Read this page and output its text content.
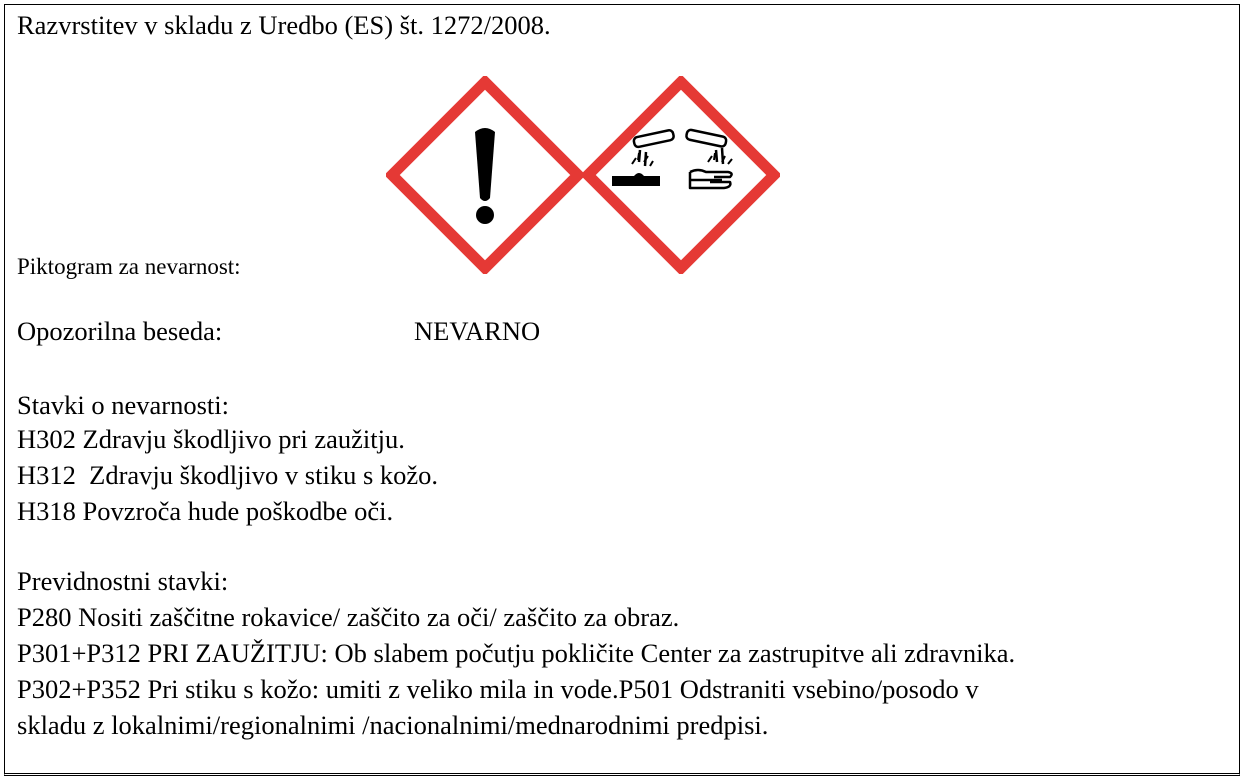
Razvrstitev v skladu z Uredbo (ES) št. 1272/2008.
Piktogram za nevarnost:
Opozorilna beseda:	NEVARNO
Stavki o nevarnosti:
H302 Zdravju škodljivo pri zaužitju.
H312  Zdravju škodljivo v stiku s kožo.
H318 Povzroča hude poškodbe oči.
Previdnostni stavki:
P280 Nositi zaščitne rokavice/ zaščito za oči/ zaščito za obraz.
P301+P312 PRI ZAUŽITJU: Ob slabem počutju pokličite Center za zastrupitve ali zdravnika.
P302+P352 Pri stiku s kožo: umiti z veliko mila in vode.P501 Odstraniti vsebino/posodo v
skladu z lokalnimi/regionalnimi /nacionalnimi/mednarodnimi predpisi.
